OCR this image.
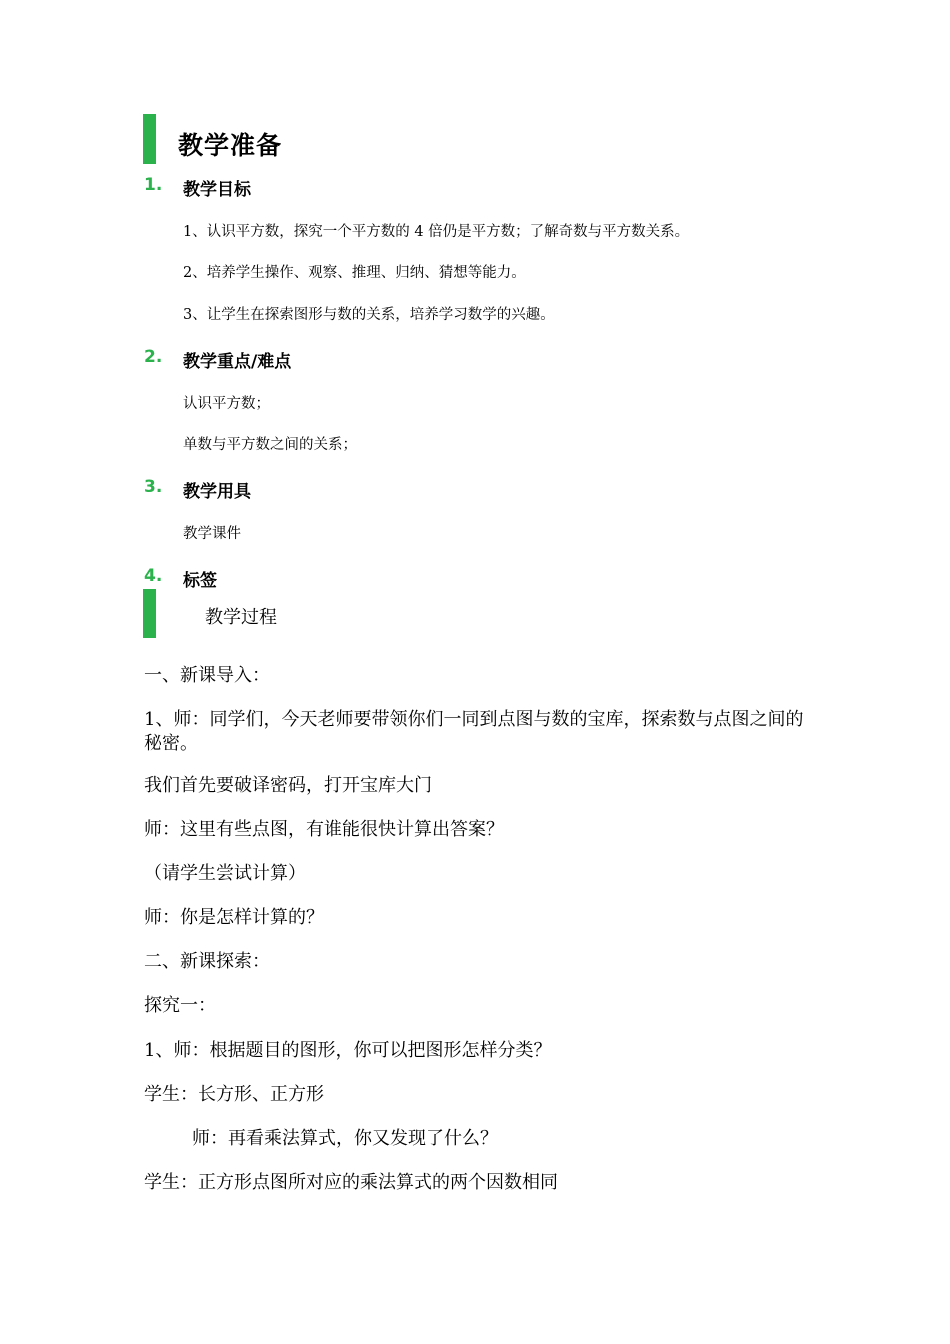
教学准备
1. 教学目标
1、认识平方数，探究一个平方数的 4 倍仍是平方数；了解奇数与平方数关系。
2、培养学生操作、观察、推理、归纳、猜想等能力。
3、让学生在探索图形与数的关系，培养学习数学的兴趣。
2. 教学重点/难点
认识平方数；
单数与平方数之间的关系；
3. 教学用具
教学课件
4. 标签
教学过程
一、新课导入：
1、师：同学们，今天老师要带领你们一同到点图与数的宝库，探索数与点图之间的秘密。
我们首先要破译密码，打开宝库大门
师：这里有些点图，有谁能很快计算出答案？
（请学生尝试计算）
师：你是怎样计算的？
二、新课探索：
探究一：
1、师：根据题目的图形，你可以把图形怎样分类？
学生：长方形、正方形
师：再看乘法算式，你又发现了什么？
学生：正方形点图所对应的乘法算式的两个因数相同
